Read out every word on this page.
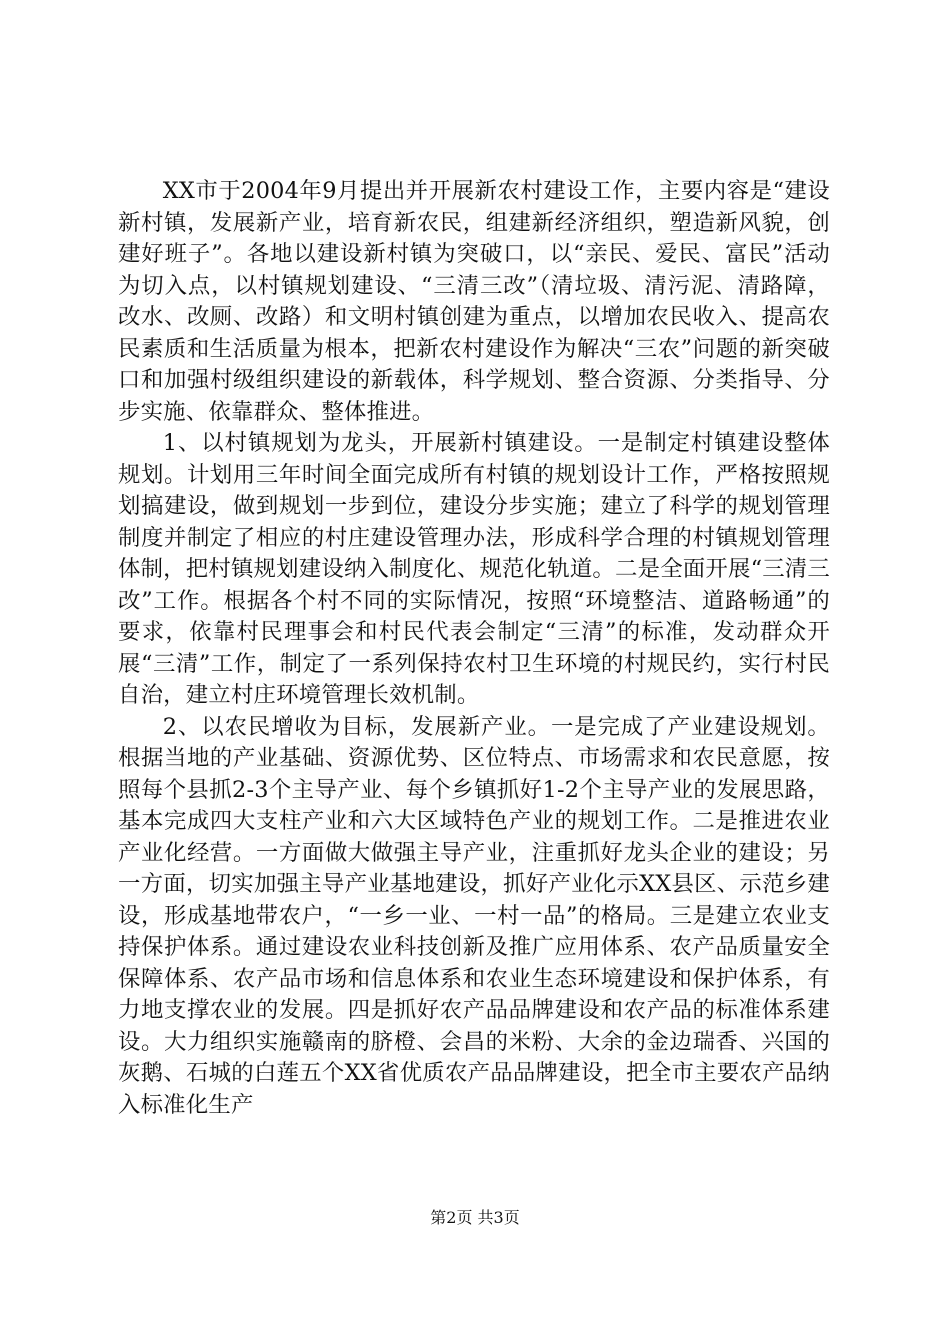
XX市于2004年9月提出并开展新农村建设工作，主要内容是“建设新村镇，发展新产业，培育新农民，组建新经济组织，塑造新风貌，创建好班子”。各地以建设新村镇为突破口，以“亲民、爱民、富民”活动为切入点，以村镇规划建设、“三清三改”（清垃圾、清污泥、清路障，改水、改厕、改路）和文明村镇创建为重点，以增加农民收入、提高农民素质和生活质量为根本，把新农村建设作为解决“三农”问题的新突破口和加强村级组织建设的新载体，科学规划、整合资源、分类指导、分步实施、依靠群众、整体推进。

1、以村镇规划为龙头，开展新村镇建设。一是制定村镇建设整体规划。计划用三年时间全面完成所有村镇的规划设计工作，严格按照规划搞建设，做到规划一步到位，建设分步实施；建立了科学的规划管理制度并制定了相应的村庄建设管理办法，形成科学合理的村镇规划管理体制，把村镇规划建设纳入制度化、规范化轨道。二是全面开展“三清三改”工作。根据各个村不同的实际情况，按照“环境整洁、道路畅通”的要求，依靠村民理事会和村民代表会制定“三清”的标准，发动群众开展“三清”工作，制定了一系列保持农村卫生环境的村规民约，实行村民自治，建立村庄环境管理长效机制。

2、以农民增收为目标，发展新产业。一是完成了产业建设规划。根据当地的产业基础、资源优势、区位特点、市场需求和农民意愿，按照每个县抓2-3个主导产业、每个乡镇抓好1-2个主导产业的发展思路，基本完成四大支柱产业和六大区域特色产业的规划工作。二是推进农业产业化经营。一方面做大做强主导产业，注重抓好龙头企业的建设；另一方面，切实加强主导产业基地建设，抓好产业化示XX县区、示范乡建设，形成基地带农户，“一乡一业、一村一品”的格局。三是建立农业支持保护体系。通过建设农业科技创新及推广应用体系、农产品质量安全保障体系、农产品市场和信息体系和农业生态环境建设和保护体系，有力地支撑农业的发展。四是抓好农产品品牌建设和农产品的标准体系建设。大力组织实施赣南的脐橙、会昌的米粉、大余的金边瑞香、兴国的灰鹅、石城的白莲五个XX省优质农产品品牌建设，把全市主要农产品纳入标准化生产

第2页 共3页
